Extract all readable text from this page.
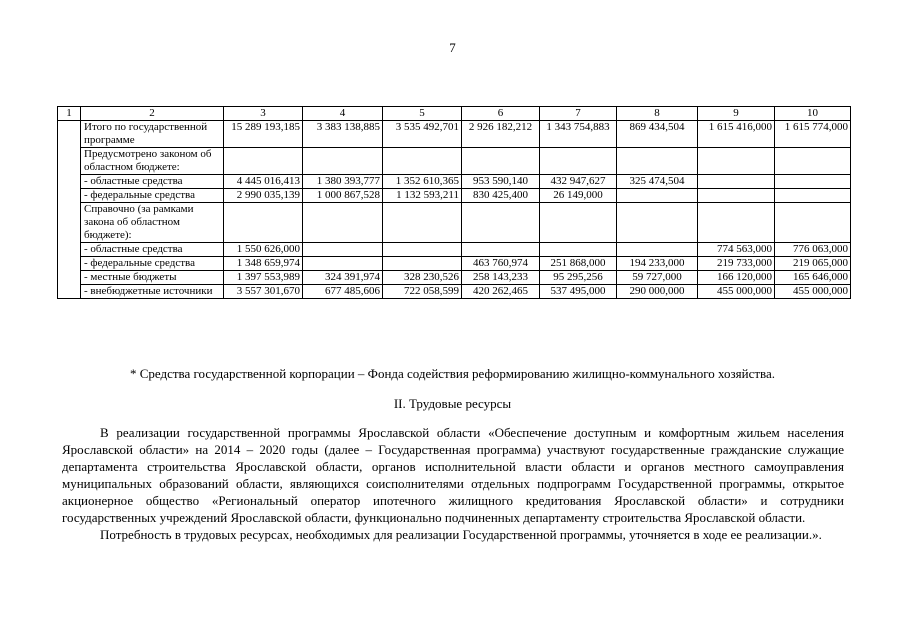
7
1	2	3	4	5	6	7	8	9	10
	Итого по государственной программе	15 289 193,185	3 383 138,885	3 535 492,701	2 926 182,212	1 343 754,883	869 434,504	1 615 416,000	1 615 774,000
	Предусмотрено законом об областном бюджете:								
	- областные средства	4 445 016,413	1 380 393,777	1 352 610,365	953 590,140	432 947,627	325 474,504		
	- федеральные средства	2 990 035,139	1 000 867,528	1 132 593,211	830 425,400	26 149,000			
	Справочно (за рамками закона об областном бюджете):								
	- областные средства	1 550 626,000						774 563,000	776 063,000
	- федеральные средства	1 348 659,974			463 760,974	251 868,000	194 233,000	219 733,000	219 065,000
	- местные бюджеты	1 397 553,989	324 391,974	328 230,526	258 143,233	95 295,256	59 727,000	166 120,000	165 646,000
	- внебюджетные источники	3 557 301,670	677 485,606	722 058,599	420 262,465	537 495,000	290 000,000	455 000,000	455 000,000
* Средства государственной корпорации – Фонда содействия реформированию жилищно-коммунального хозяйства.
II. Трудовые ресурсы

В реализации государственной программы Ярославской области «Обеспечение доступным и комфортным жильем населения Ярославской области» на 2014 – 2020 годы (далее – Государственная программа) участвуют государственные гражданские служащие департамента строительства Ярославской области, органов исполнительной власти области и органов местного самоуправления муниципальных образований области, являющихся соисполнителями отдельных подпрограмм Государственной программы, открытое акционерное общество «Региональный оператор ипотечного жилищного кредитования Ярославской области» и сотрудники государственных учреждений Ярославской области, функционально подчиненных департаменту строительства Ярославской области.

Потребность в трудовых ресурсах, необходимых для реализации Государственной программы, уточняется в ходе ее реализации.».
